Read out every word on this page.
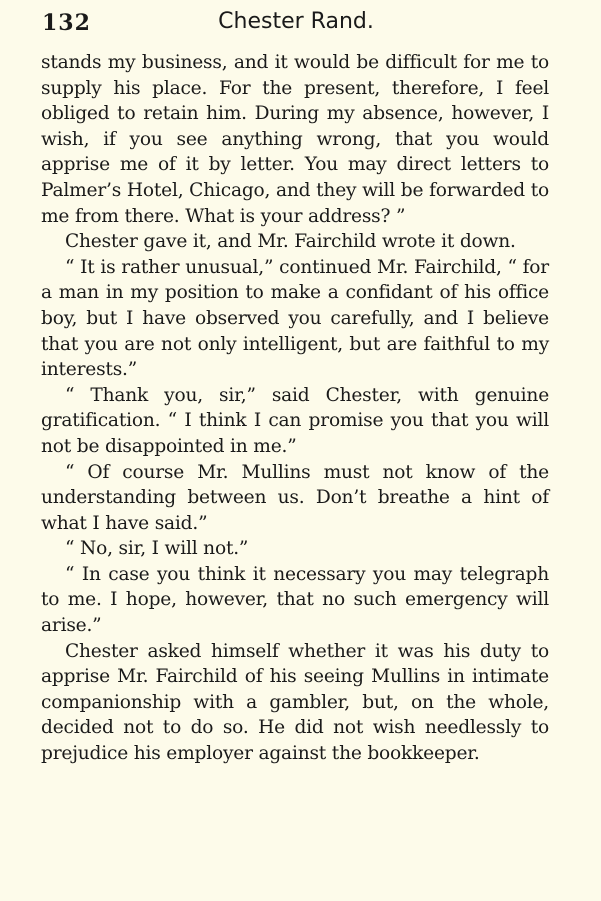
132	Chester Rand.

stands my business, and it would be difficult for me to supply his place. For the present, therefore, I feel obliged to retain him. During my absence, however, I wish, if you see anything wrong, that you would apprise me of it by letter. You may direct letters to Palmer’s Hotel, Chicago, and they will be forwarded to me from there. What is your address? ”

Chester gave it, and Mr. Fairchild wrote it down.

“ It is rather unusual,” continued Mr. Fairchild, “ for a man in my position to make a confidant of his office boy, but I have observed you carefully, and I believe that you are not only intelligent, but are faithful to my interests.”

“ Thank you, sir,” said Chester, with genuine gratification. “ I think I can promise you that you will not be disappointed in me.”

“ Of course Mr. Mullins must not know of the understanding between us. Don’t breathe a hint of what I have said.”

“ No, sir, I will not.”

“ In case you think it necessary you may telegraph to me. I hope, however, that no such emergency will arise.”

Chester asked himself whether it was his duty to apprise Mr. Fairchild of his seeing Mullins in intimate companionship with a gambler, but, on the whole, decided not to do so. He did not wish needlessly to prejudice his employer against the bookkeeper.
